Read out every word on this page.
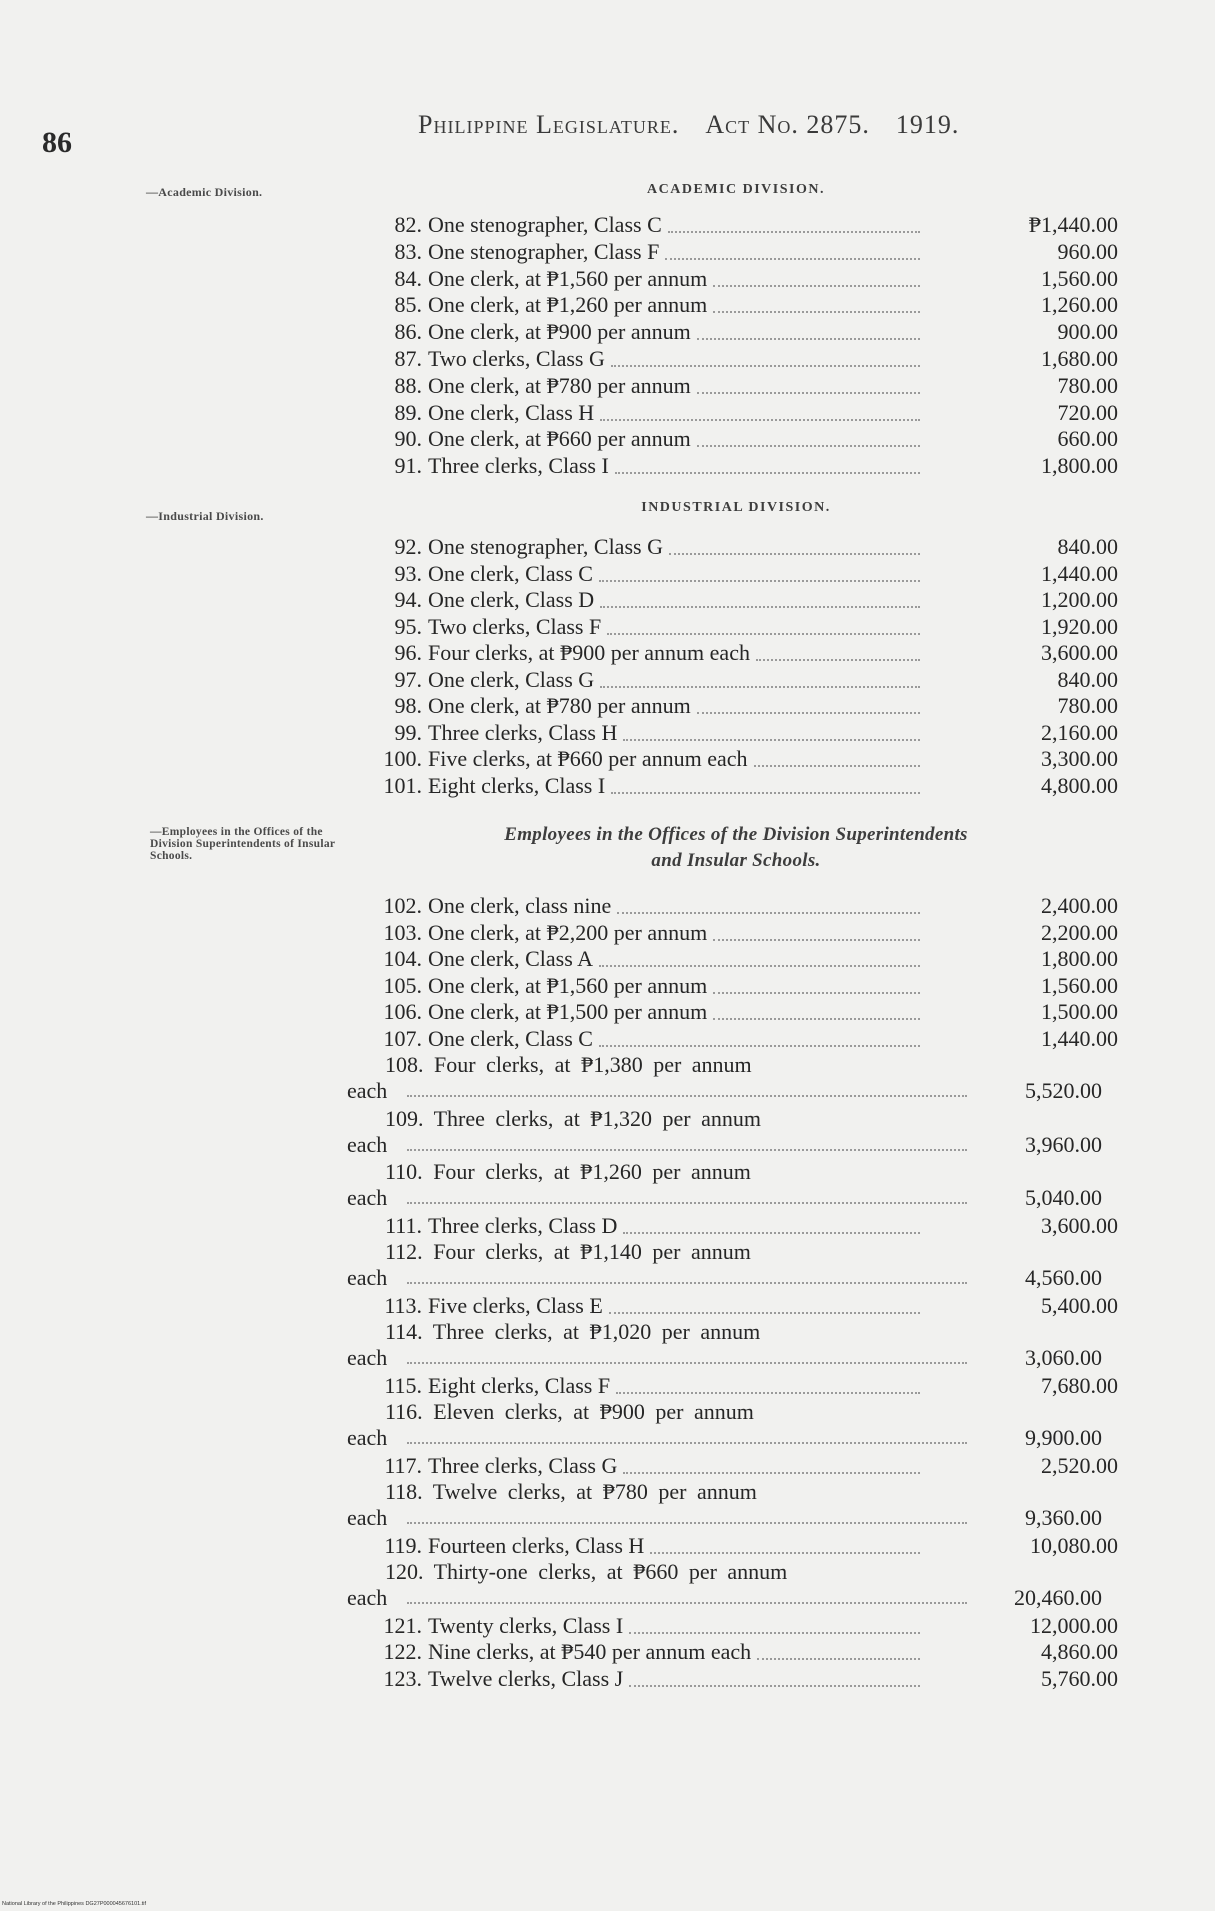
86
Philippine Legislature. Act No. 2875. 1919.
—Academic Division.	ACADEMIC DIVISION.
82. One stenographer, Class C	₱1,440.00
83. One stenographer, Class F	960.00
84. One clerk, at ₱1,560 per annum	1,560.00
85. One clerk, at ₱1,260 per annum	1,260.00
86. One clerk, at ₱900 per annum	900.00
87. Two clerks, Class G	1,680.00
88. One clerk, at ₱780 per annum	780.00
89. One clerk, Class H	720.00
90. One clerk, at ₱660 per annum	660.00
91. Three clerks, Class I	1,800.00
—Industrial Division.
INDUSTRIAL DIVISION.
92. One stenographer, Class G	840.00
93. One clerk, Class C	1,440.00
94. One clerk, Class D	1,200.00
95. Two clerks, Class F	1,920.00
96. Four clerks, at ₱900 per annum each	3,600.00
97. One clerk, Class G	840.00
98. One clerk, at ₱780 per annum	780.00
99. Three clerks, Class H	2,160.00
100. Five clerks, at ₱660 per annum each	3,300.00
101. Eight clerks, Class I	4,800.00
—Employees in the Offices of the Division Superintendents of Insular Schools.
Employees in the Offices of the Division Superintendents
and Insular Schools.
102. One clerk, class nine	2,400.00
103. One clerk, at ₱2,200 per annum	2,200.00
104. One clerk, Class A	1,800.00
105. One clerk, at ₱1,560 per annum	1,560.00
106. One clerk, at ₱1,500 per annum	1,500.00
107. One clerk, Class C	1,440.00
108. Four clerks, at ₱1,380 per annum
each	5,520.00
109. Three clerks, at ₱1,320 per annum
each	3,960.00
110. Four clerks, at ₱1,260 per annum
each	5,040.00
111. Three clerks, Class D	3,600.00
112. Four clerks, at ₱1,140 per annum
each	4,560.00
113. Five clerks, Class E	5,400.00
114. Three clerks, at ₱1,020 per annum
each	3,060.00
115. Eight clerks, Class F	7,680.00
116. Eleven clerks, at ₱900 per annum
each	9,900.00
117. Three clerks, Class G	2,520.00
118. Twelve clerks, at ₱780 per annum
each	9,360.00
119. Fourteen clerks, Class H	10,080.00
120. Thirty-one clerks, at ₱660 per annum
each	20,460.00
121. Twenty clerks, Class I	12,000.00
122. Nine clerks, at ₱540 per annum each	4,860.00
123. Twelve clerks, Class J	5,760.00
National Library of the Philippines DG27P000045676101.tif
